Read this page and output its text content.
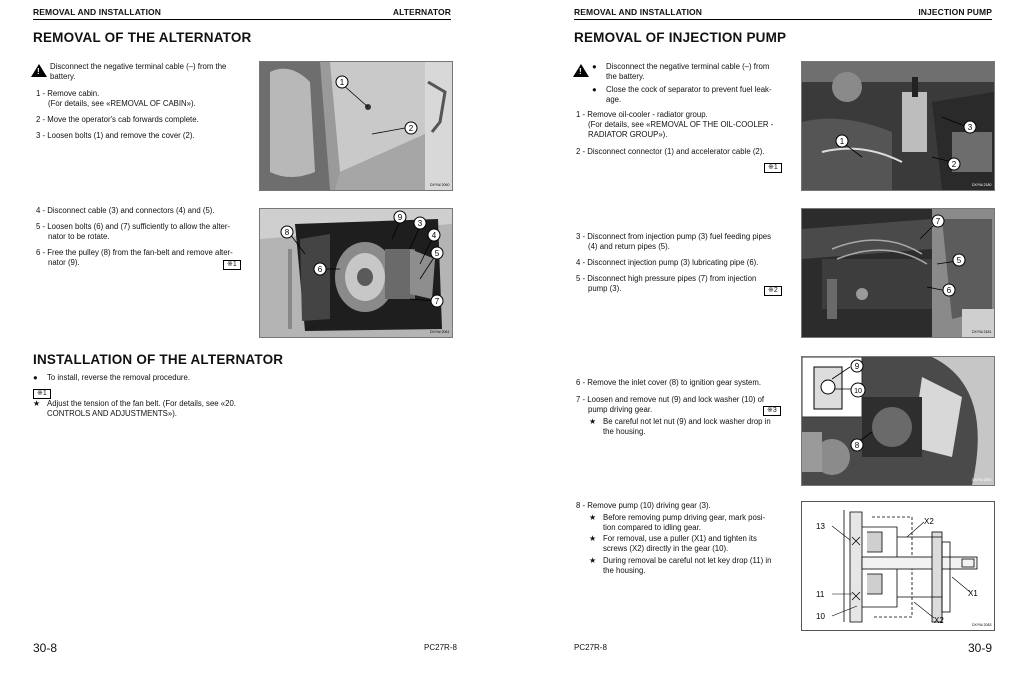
REMOVAL AND INSTALLATION	ALTERNATOR
REMOVAL OF THE ALTERNATOR
!
Disconnect the negative terminal cable (–) from the
battery.
1 - Remove cabin.
(For details, see «REMOVAL OF CABIN»).
2 - Move the operator's cab forwards complete.
3 - Loosen bolts (1) and remove the cover (2).
1
2
DXYW-2060
4 - Disconnect cable (3) and connectors (4) and (5).
5 - Loosen bolts (6) and (7) sufficiently to allow the alter-
nator to be rotate.
6 - Free the pulley (8) from the fan-belt and remove alter-
nator (9).	※1
9
3
8	4
5
6
7
DXYW-2061
INSTALLATION OF THE ALTERNATOR
● To install, reverse the removal procedure.
※1
★ Adjust the tension of the fan belt. (For details, see «20.
CONTROLS AND ADJUSTMENTS»).
30-8	PC27R-8
REMOVAL AND INSTALLATION	INJECTION PUMP
REMOVAL OF INJECTION PUMP
!
● Disconnect the negative terminal cable (–) from
the battery.
● Close the cock of separator to prevent fuel leak-
age.
1 - Remove oil-cooler - radiator group.
(For details, see «REMOVAL OF THE OIL-COOLER -
RADIATOR GROUP»).
2 - Disconnect connector (1) and accelerator cable (2).
※1
1
3
2
DXYW-2180
3 - Disconnect from injection pump (3) fuel feeding pipes
(4) and return pipes (5).
4 - Disconnect injection pump (3) lubricating pipe (6).
5 - Disconnect high pressure pipes (7) from injection
pump (3).	※2
7
5
6
DXYW-2181
6 - Remove the inlet cover (8) to ignition gear system.
7 - Loosen and remove nut (9) and lock washer (10) of
pump driving gear.	※3
★ Be careful not let nut (9) and lock washer drop in
the housing.
9
10
8
DXYW-2082
8 - Remove pump (10) driving gear (3).
★ Before removing pump driving gear, mark posi-
tion compared to idling gear.
★ For removal, use a puller (X1) and tighten its
screws (X2) directly in the gear (10).
★ During removal be careful not let key drop (11) in
the housing.
13
X2
11	X1
10	X2	DXYW-2083
PC27R-8	30-9
